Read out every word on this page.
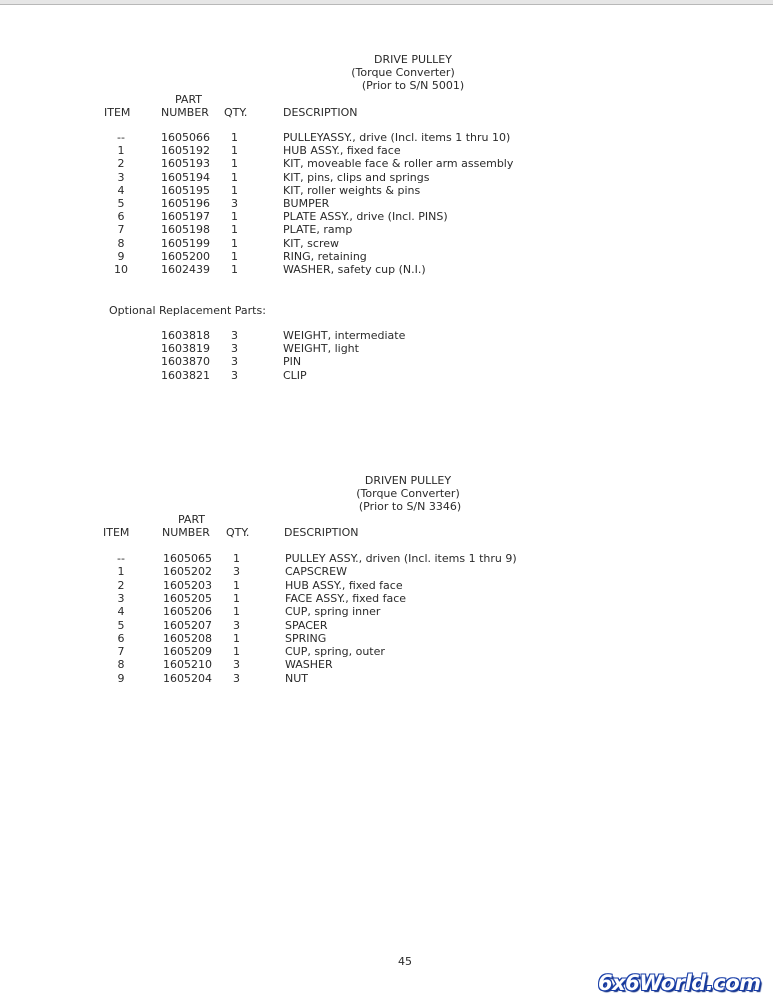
DRIVE PULLEY
(Torque Converter)
(Prior to S/N 5001)
PART
ITEM	NUMBER QTY.	DESCRIPTION
--	1605066 1	PULLEYASSY., drive (Incl. items 1 thru 10)
1	1605192 1	HUB ASSY., fixed face
2	1605193 1	KIT, moveable face & roller arm assembly
3	1605194 1	KIT, pins, clips and springs
4	1605195 1	KIT, roller weights & pins
5	1605196 3	BUMPER
6	1605197 1	PLATE ASSY., drive (Incl. PINS)
7	1605198 1	PLATE, ramp
8	1605199 1	KIT, screw
9	1605200 1	RING, retaining
10	1602439 1	WASHER, safety cup (N.I.)
Optional Replacement Parts:
1603818 3	WEIGHT, intermediate
1603819 3	WEIGHT, light
1603870 3	PIN
1603821 3	CLIP
DRIVEN PULLEY
(Torque Converter)
(Prior to S/N 3346)
PART
ITEM	NUMBER QTY.	DESCRIPTION
--	1605065 1	PULLEY ASSY., driven (Incl. items 1 thru 9)
1	1605202 3	CAPSCREW
2	1605203 1	HUB ASSY., fixed face
3	1605205 1	FACE ASSY., fixed face
4	1605206 1	CUP, spring inner
5	1605207 3	SPACER
6	1605208 1	SPRING
7	1605209 1	CUP, spring, outer
8	1605210 3	WASHER
9	1605204 3	NUT
45
6x6World.com
